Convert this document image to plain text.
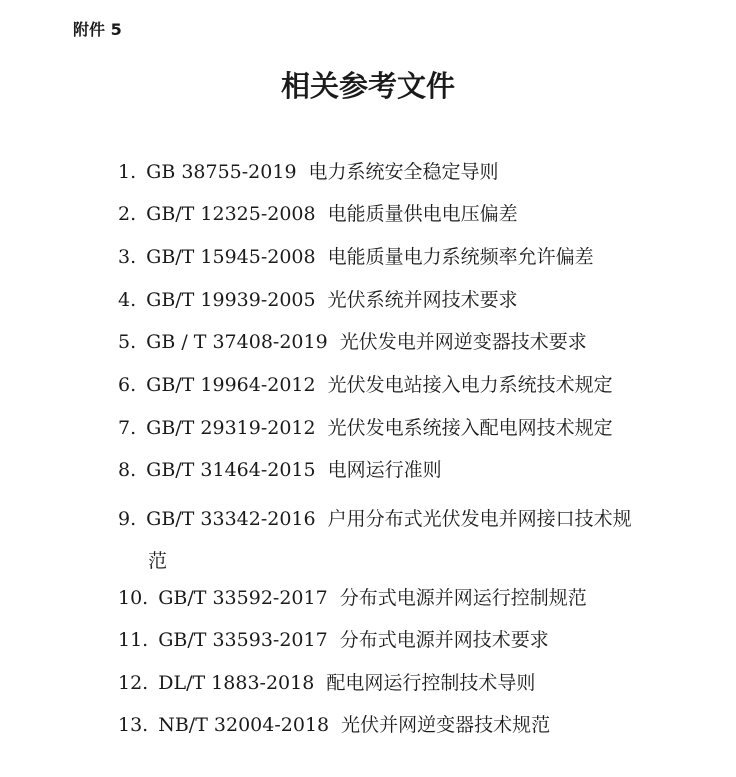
附件 5
相关参考文件
1. GB 38755-2019 电力系统安全稳定导则
2. GB/T 12325-2008 电能质量供电电压偏差
3. GB/T 15945-2008 电能质量电力系统频率允许偏差
4. GB/T 19939-2005 光伏系统并网技术要求
5. GB / T 37408-2019 光伏发电并网逆变器技术要求
6. GB/T 19964-2012 光伏发电站接入电力系统技术规定
7. GB/T 29319-2012 光伏发电系统接入配电网技术规定
8. GB/T 31464-2015 电网运行准则
9. GB/T 33342-2016 户用分布式光伏发电并网接口技术规
范
10. GB/T 33592-2017 分布式电源并网运行控制规范
11. GB/T 33593-2017 分布式电源并网技术要求
12. DL/T 1883-2018 配电网运行控制技术导则
13. NB/T 32004-2018 光伏并网逆变器技术规范
